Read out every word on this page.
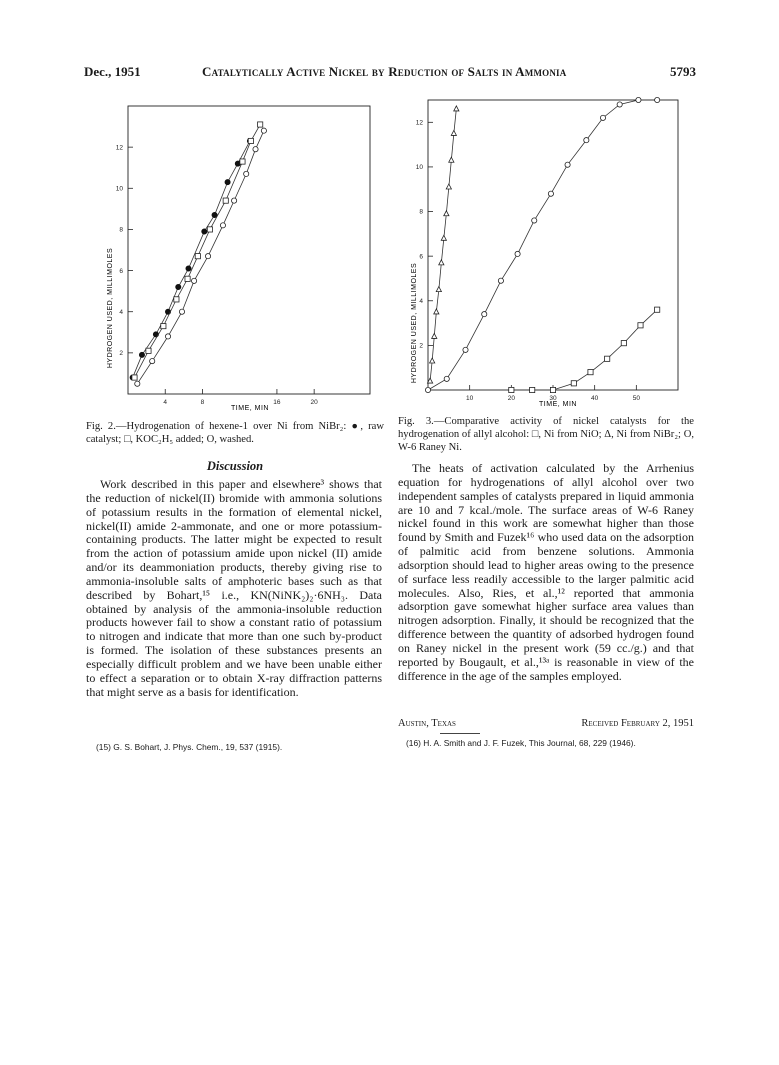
Dec., 1951	Catalytically Active Nickel by Reduction of Salts in Ammonia	5793
4	8	16	20
2
4
6
8
10
12
TIME, MIN
HYDROGEN USED, MILLIMOLES
Fig. 2.—Hydrogenation of hexene-1 over Ni from NiBr₂: ●, raw catalyst; □, KOC₂H₅ added; O, washed.
10	20	30	40	50
2
4
6
8
10
12
TIME, MIN
HYDROGEN USED, MILLIMOLES
Fig. 3.—Comparative activity of nickel catalysts for the hydrogenation of allyl alcohol: □, Ni from NiO; Δ, Ni from NiBr₂; O, W-6 Raney Ni.
Discussion

Work described in this paper and elsewhere³ shows that the reduction of nickel(II) bromide with ammonia solutions of potassium results in the formation of elemental nickel, nickel(II) amide 2-ammonate, and one or more potassium-containing products. The latter might be expected to result from the action of potassium amide upon nickel (II) amide and/or its deammoniation products, thereby giving rise to ammonia-insoluble salts of amphoteric bases such as that described by Bohart,¹⁵ i.e., KN(NiNK₂)₂·6NH₃. Data obtained by analysis of the ammonia-insoluble reduction products however fail to show a constant ratio of potassium to nitrogen and indicate that more than one such by-product is formed. The isolation of these substances presents an especially difficult problem and we have been unable either to effect a separation or to obtain X-ray diffraction patterns that might serve as a basis for identification.

(15) G. S. Bohart, J. Phys. Chem., 19, 537 (1915).

The heats of activation calculated by the Arrhenius equation for hydrogenations of allyl alcohol over two independent samples of catalysts prepared in liquid ammonia are 10 and 7 kcal./mole. The surface areas of W-6 Raney nickel found in this work are somewhat higher than those found by Smith and Fuzek¹⁶ who used data on the adsorption of palmitic acid from benzene solutions. Ammonia adsorption should lead to higher areas owing to the presence of surface less readily accessible to the larger palmitic acid molecules. Also, Ries, et al.,¹² reported that ammonia adsorption gave somewhat higher surface area values than nitrogen adsorption. Finally, it should be recognized that the difference between the quantity of adsorbed hydrogen found on Raney nickel in the present work (59 cc./g.) and that reported by Bougault, et al.,¹³ᵃ is reasonable in view of the difference in the age of the samples employed.

Austin, Texas	Received February 2, 1951
(16) H. A. Smith and J. F. Fuzek, This Journal, 68, 229 (1946).
